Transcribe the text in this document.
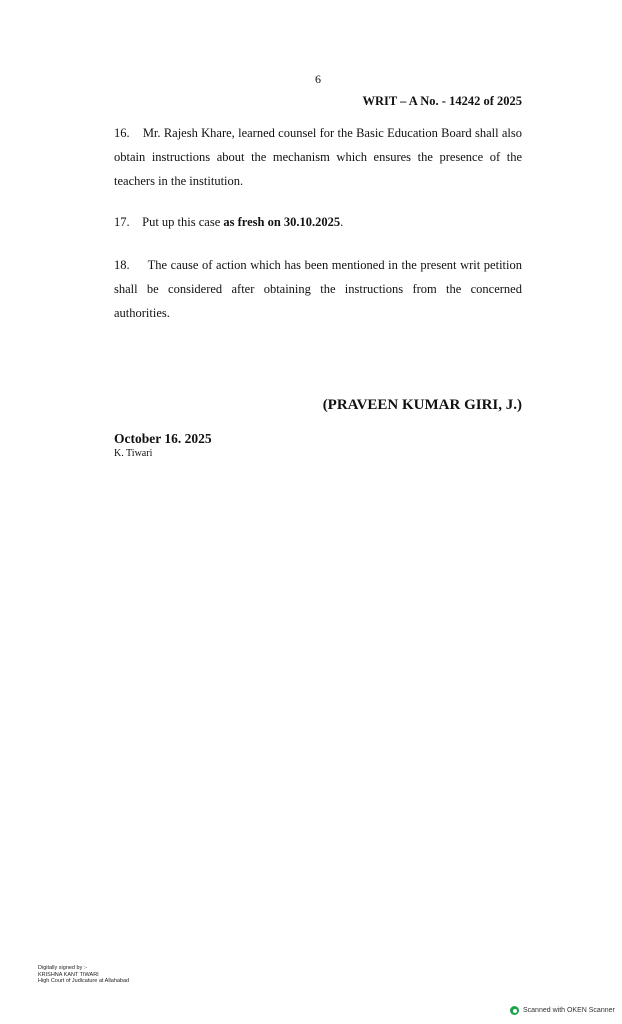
6
WRIT – A No. - 14242 of 2025

16. Mr. Rajesh Khare, learned counsel for the Basic Education Board shall also obtain instructions about the mechanism which ensures the presence of the teachers in the institution.

17. Put up this case as fresh on 30.10.2025.

18. The cause of action which has been mentioned in the present writ petition shall be considered after obtaining the instructions from the concerned authorities.

(PRAVEEN KUMAR GIRI, J.)
October 16. 2025
K. Tiwari
Digitally signed by :-
KRISHNA KANT TIWARI
High Court of Judicature at Allahabad
Scanned with OKEN Scanner
